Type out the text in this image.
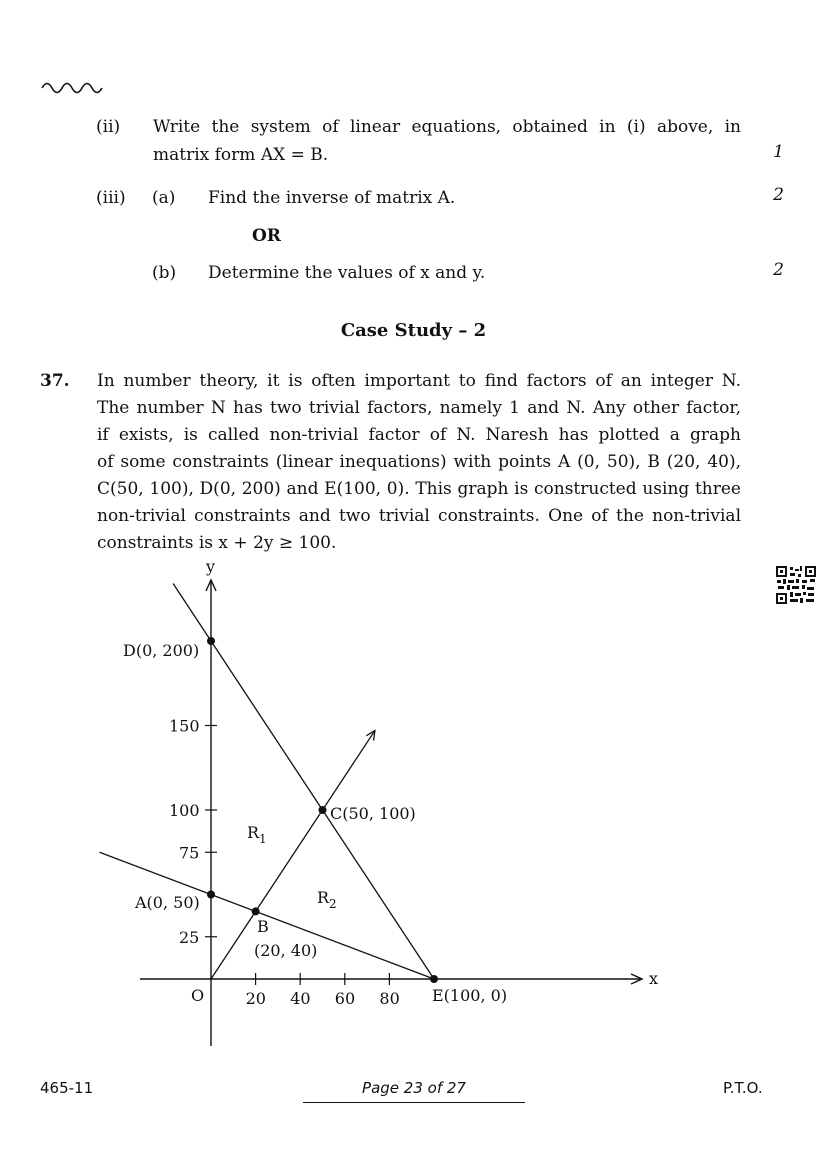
(ii) Write the system of linear equations, obtained in (i) above, in
matrix form AX = B.	1
(iii) (a) Find the inverse of matrix A.	2
OR
(b) Determine the values of x and y.	2
Case Study – 2
37. In number theory, it is often important to find factors of an integer N.
The number N has two trivial factors, namely 1 and N. Any other factor,
if exists, is called non-trivial factor of N. Naresh has plotted a graph
of some constraints (linear inequations) with points A (0, 50), B (20, 40),
C(50, 100), D(0, 200) and E(100, 0). This graph is constructed using three
non-trivial constraints and two trivial constraints. One of the non-trivial
constraints is x + 2y ≥ 100.
x
y
O	20 40 60 80
25
75
100
150
D(0, 200)
C(50, 100)
A(0, 50)
B
(20, 40)
E(100, 0)
$R_1$
$R_2$
465-11	Page 23 of 27	P.T.O.
